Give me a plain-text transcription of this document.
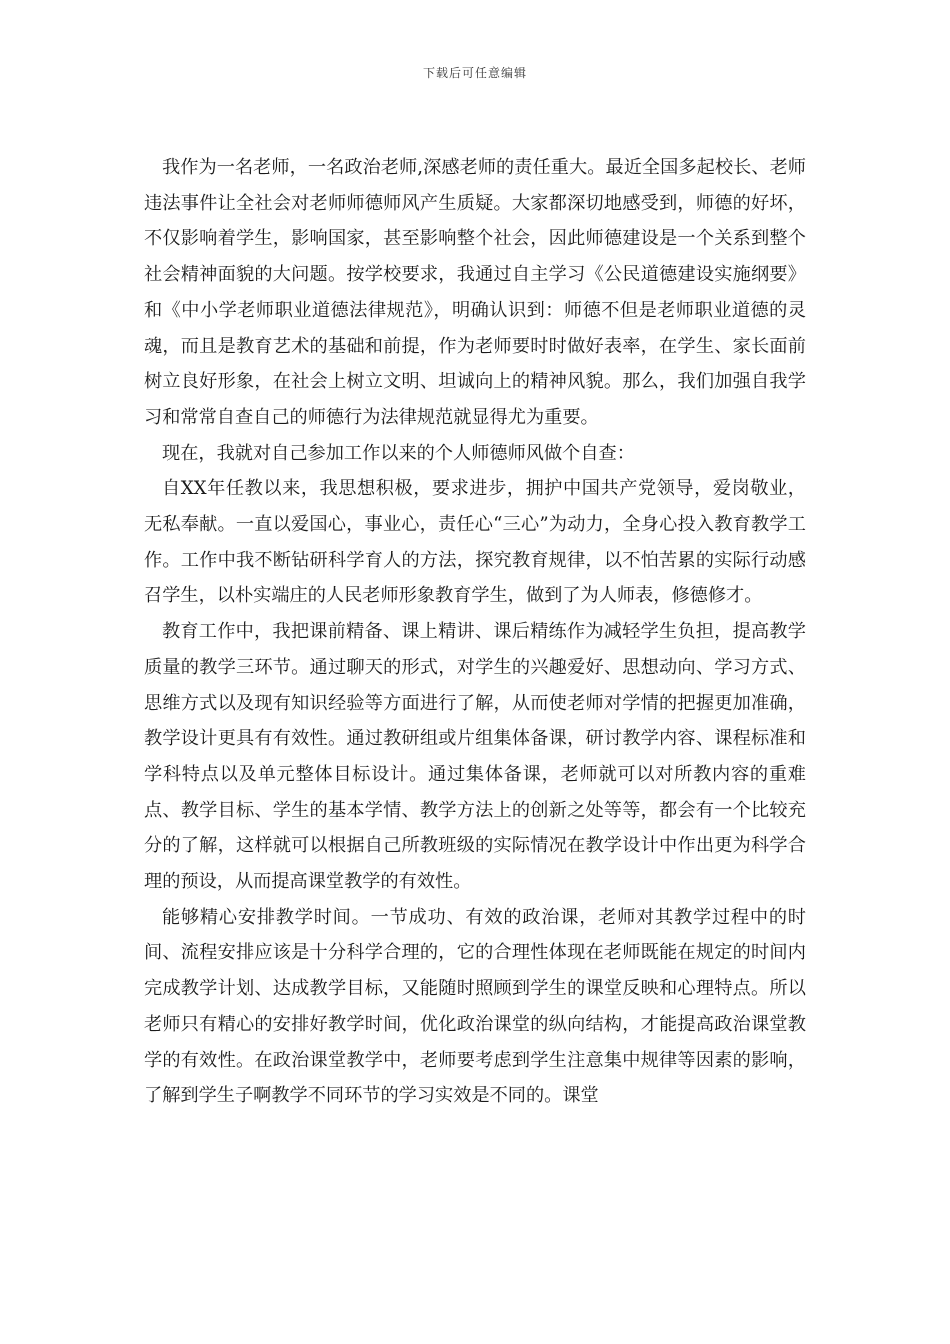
下载后可任意编辑

我作为一名老师，一名政治老师,深感老师的责任重大。最近全国多起校长、老师违法事件让全社会对老师师德师风产生质疑。大家都深切地感受到，师德的好坏，不仅影响着学生，影响国家，甚至影响整个社会，因此师德建设是一个关系到整个社会精神面貌的大问题。按学校要求，我通过自主学习《公民道德建设实施纲要》和《中小学老师职业道德法律规范》，明确认识到：师德不但是老师职业道德的灵魂，而且是教育艺术的基础和前提，作为老师要时时做好表率，在学生、家长面前树立良好形象，在社会上树立文明、坦诚向上的精神风貌。那么，我们加强自我学习和常常自查自己的师德行为法律规范就显得尤为重要。

现在，我就对自己参加工作以来的个人师德师风做个自查：

自XX年任教以来，我思想积极，要求进步，拥护中国共产党领导，爱岗敬业，无私奉献。一直以爱国心，事业心，责任心“三心”为动力，全身心投入教育教学工作。工作中我不断钻研科学育人的方法，探究教育规律，以不怕苦累的实际行动感召学生，以朴实端庄的人民老师形象教育学生，做到了为人师表，修德修才。

教育工作中，我把课前精备、课上精讲、课后精练作为减轻学生负担，提高教学质量的教学三环节。通过聊天的形式，对学生的兴趣爱好、思想动向、学习方式、思维方式以及现有知识经验等方面进行了解，从而使老师对学情的把握更加准确，教学设计更具有有效性。通过教研组或片组集体备课，研讨教学内容、课程标准和学科特点以及单元整体目标设计。通过集体备课，老师就可以对所教内容的重难点、教学目标、学生的基本学情、教学方法上的创新之处等等，都会有一个比较充分的了解，这样就可以根据自己所教班级的实际情况在教学设计中作出更为科学合理的预设，从而提高课堂教学的有效性。

能够精心安排教学时间。一节成功、有效的政治课，老师对其教学过程中的时间、流程安排应该是十分科学合理的，它的合理性体现在老师既能在规定的时间内完成教学计划、达成教学目标，又能随时照顾到学生的课堂反映和心理特点。所以老师只有精心的安排好教学时间，优化政治课堂的纵向结构，才能提高政治课堂教学的有效性。在政治课堂教学中，老师要考虑到学生注意集中规律等因素的影响，了解到学生子啊教学不同环节的学习实效是不同的。课堂
